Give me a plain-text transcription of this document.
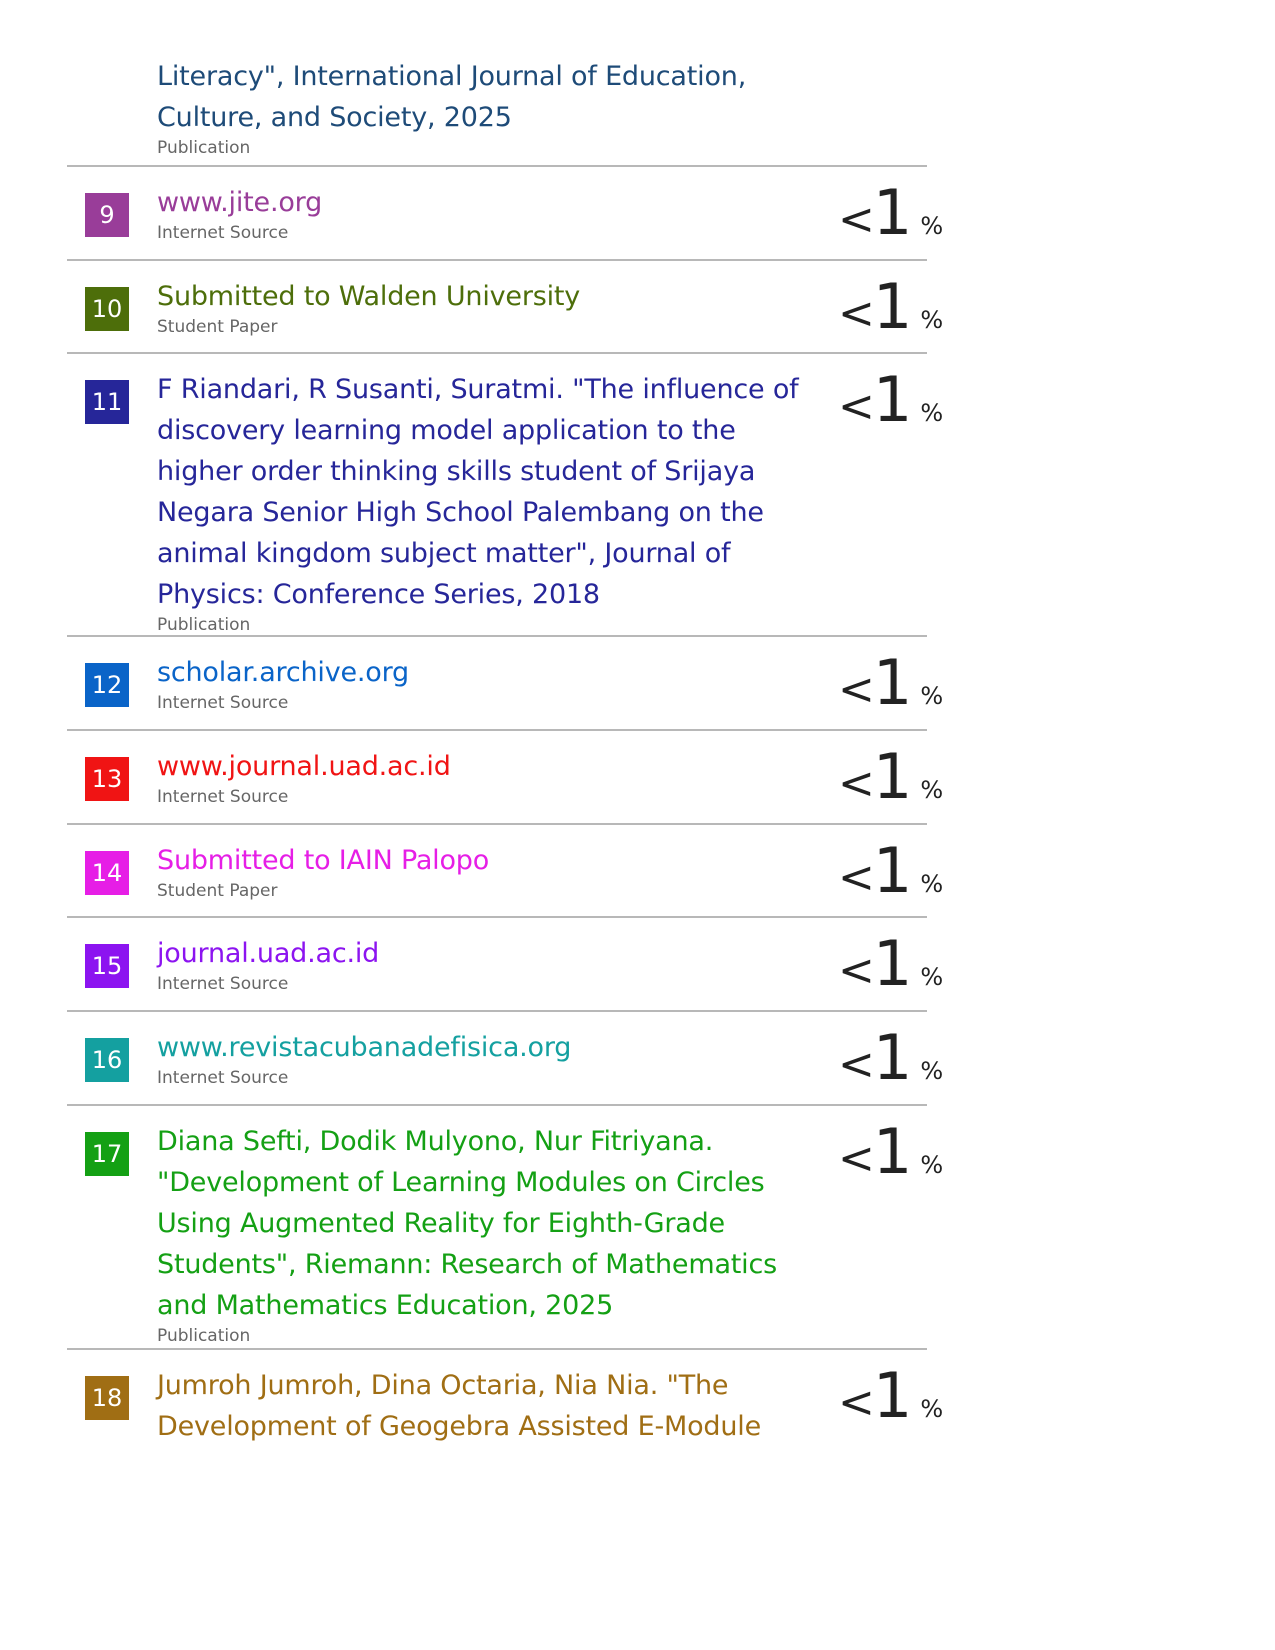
Literacy", International Journal of Education, Culture, and Society, 2025
Publication
9	www.jite.org
Internet Source	<1 %
10 Submitted to Walden University
Student Paper	<1 %
11 F Riandari, R Susanti, Suratmi. "The influence of discovery learning model application to the higher order thinking skills student of Srijaya Negara Senior High School Palembang on the animal kingdom subject matter", Journal of Physics: Conference Series, 2018
Publication
<1 %
12 scholar.archive.org
Internet Source	<1 %
13 www.journal.uad.ac.id
Internet Source	<1 %
14 Submitted to IAIN Palopo
Student Paper	<1 %
15 journal.uad.ac.id
Internet Source	<1 %
16 www.revistacubanadefisica.org
Internet Source	<1 %
17 Diana Sefti, Dodik Mulyono, Nur Fitriyana. "Development of Learning Modules on Circles Using Augmented Reality for Eighth-Grade Students", Riemann: Research of Mathematics and Mathematics Education, 2025
Publication
<1 %
18 Jumroh Jumroh, Dina Octaria, Nia Nia. "The Development of Geogebra Assisted E-Module	<1 %
